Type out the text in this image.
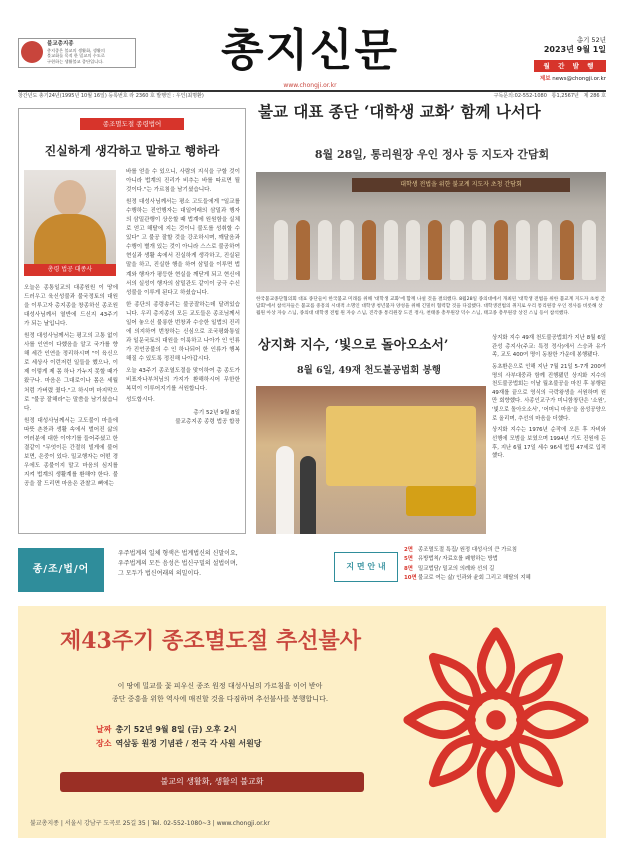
불교총지종
총지종은 불교의 생활화, 생활의
불교화를 목적 한 밀교의 수도로
구현하는 생활불교 종단입니다.	총지신문
www.chongji.or.kr
총기 52년
2023년 9월 1일
월 간 발 행
제보 news@chongji.or.kr
창간년도 총기24년(1995년 10월 16일) 등록번호 라 2360 호 발행인 : 우인(최명환)	구독문의:02-552-1080 통1,2567년 제 286 호
종조멸도절 종령법어
진실하게 생각하고 말하고 행하라
총령 법공 대종사

오늘은 종통일교의 대종원원 이 땅에 드러우고 육신성불과 불국정토의 대원을 이루고자 총지종을 창종하신 종조원 대성사님께서 열반에 드신지 43주기 가 되는 날입니다.

원정 대성사님께서는 평고의 고통 없이 사를 인연이 다했음을 알고 국가를 향해 세간 인연을 정리하시며 "이 육신으로 세상사 이런저런 일들을 했으나, 이제 이렇게 제 몸 하나 가누지 못할 때가 왔구나. 마음은 그대로이나 몸은 세월처럼 가버렸 줬다."고 하시며 마지막으로 "불공 잘해라"는 말씀을 남기셨습니다.

원정 대성사님께서는 고도불이 마을에 따뜻 촌찬과 생활 속에서 벌어진 삶의 여러분에 대한 이야기를 들어주셨고 한결같이 "무엇이든 간절히 빌게에 불어보면, 은중이 있다. 밀교행자는 어떤 경우에도 종불이지 말고 마음의 심지를 지켜 법계의 생활계를 환해야 한다. 불공을 잘 드리면 마음은 관찰고 뼈에는

바를 얻을 수 있으니, 사람의 지식을 구할 것이 아니라 법계의 진리가 비추는 바를 따르면 될 것이다."는 가르침을 남기셨습니다.

원정 대성사님께서는 평소 고도들에게 "일교를 수행하는 진언행자는 대일여래의 삼밀과 행자의 삼밀관행이 상응할 때 법계에 원원함을 실체로 얻고 해탈에 지는 것이니 불도를 성취할 수 있다" 고 불공 잘할 것을 강조하시며, 깨달음과 수행이 별개 있는 것이 아니라 스스로 불공하여 현실과 생활 속에서 진실하게 생각하고, 진실된 말을 하고, 진실한 행을 하여 삼밀을 이루면 법계와 행자가 평등한 현실을 깨닫게 되고 현신에서의 실성이 행자의 삼밀관도 같이이 궁극 수신성불을 이루게 된다고 하셨습니다.

한 종단의 종령송리는 불공잘하는데 달려있습니다. 우리 총지종의 모든 교도들은 종조님께서 일어 놓으신 불롱한 번창과 수승한 일법의 진리에 의지하여 번창하는 신심으로 조국평화통일과 일문국토의 대원을 이룩하고 나아가 인 인류가 진언공불의 수 인 하나되어 한 인류가 행복해질 수 있도록 정진해 나아갑시다.

오늘 43주기 종조열도절을 맞이하여 총 종도가 비표자나부처님의 가지가 환해하시어 무한한 복덕이 이루어지기를 서원합니다.

성도합시다.

총기 52년 9월 8일
불교총지종 종령 법공 합장
불교 대표 종단 ‘대학생 교화’ 함께 나서다
8월 28일, 통리원장 우인 정사 등 지도자 간담회
대학생 전법을 위한 불교계 지도자 초청 간담회
한국불교종단협의회 대표 종단들이 한국불교 미래를 위해 '대학생 교화'에 함께 나설 것을 결의했다. 8월28일 종의대에서 개최된 '대학생 전법을 위한 불교계 지도자 초청 간담회'에서 참석자들은 불교를 중흥의 시대적 소명인 대학생 청년불자 양성을 위해 긴밀히 협력할 것을 다짐했다. 대학생전법의 취지로 우리 통리원장 우인 정사를 비롯해 상월원 아상 자승 스님, 종의대 대학생 전법 원 자승 스님, 진각종 통리원장 도진 정사, 천태종 총무원장 덕수 스님, 태고종 총무원장 상진 스님 등이 참석했다.
상지화 지수, ‘빛으로 돌아오소서’
8월 6일, 49재 천도불공법회 봉행

상지화 지수 49재 천도불공법회가 지난 8월 6일 관성 총지사(주교: 특정 정사)에서 스승과 유가족, 교도 400여 명이 동참한 가운데 봉행됐다.

동초환은으로 인해 지난 7월 21일 5-7개 200여 명의 사부대중과 함께 진행됐던 상지화 지수의 천도불공법회는 이날 월초불공을 마친 후 봉행된 49재를 끝으로 영식의 극락왕생을 서원하며 원만 회향했다. 사종인교구가 미니함창단은 '소원', '빛으로 돌아오소서', '어머니 마음'을 음성공양으로 올리며, 추선의 마음을 더했다.

상지화 지수는 1976년 순작에 오른 후 자비와 선행에 모범을 보였으며 1994년 기도 진원에 든 후, 지난 6월 17일 세수 96세 법립 47세로 입적했다.

종/조/법/어
우주법계의 일체 형색은 법계법신의 신말이요,
우주법계의 모든 음성은 법신구밀의 설법이며,
그 모두가 법신여래의 의밀이다.
지 면 안 내
2면 종조멸도절 특집/ 원정 대성사의 큰 가르침
5면 유방법칙/ 자료호를 쾌형하는 방법
8면 밀교법담/ 밀교의 의례와 선의 길
10면불교로 여는 삶/ 인과와 윤회 그리고 해탈의 지혜
제43주기 종조멸도절 추선불사
이 땅에 밀교를 꽃 피우신 종조 원정 대성사님의 가르침을 이어 받아
종단 중흥을 위한 역사에 매진할 것을 다짐하며 추선불사를 봉행합니다.
날짜 총기 52년 9월 8일 (금) 오후 2시
장소 역삼동 원정 기념관 / 전국 각 사원 서원당
불교의 생활화, 생활의 불교화
불교총지종 | 서울시 강남구 도곡로 25길 35 | Tel. 02-552-1080~3 | www.chongji.or.kr
